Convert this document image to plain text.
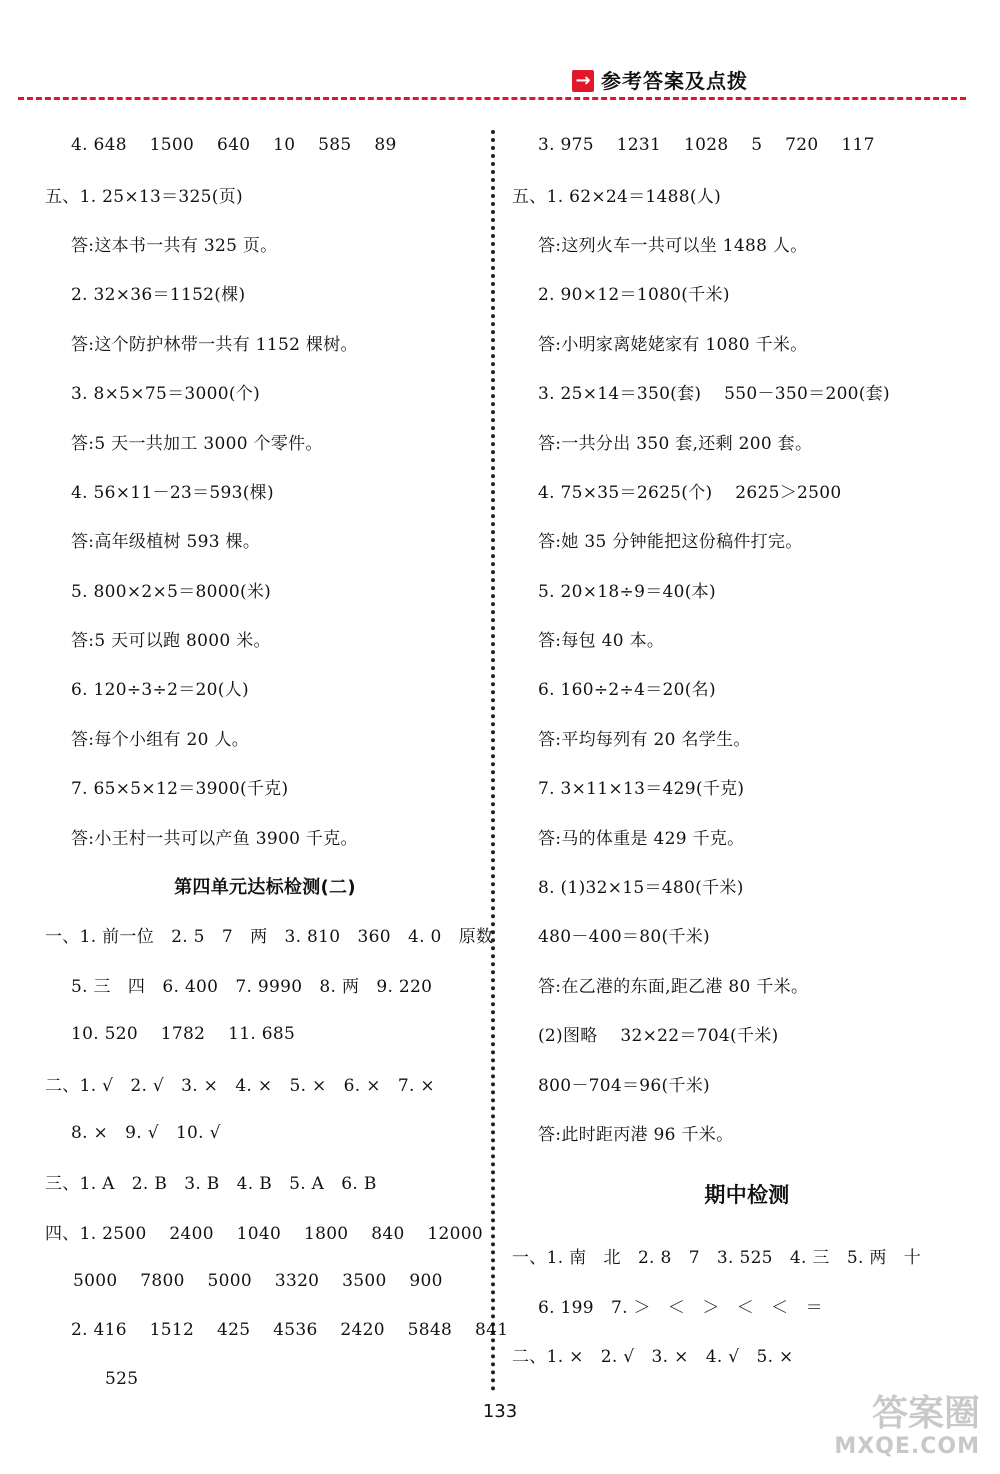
→ 参考答案及点拨
4. 648    1500    640    10    585    89
五、1. 25×13＝325(页)
答:这本书一共有 325 页。
2. 32×36＝1152(棵)
答:这个防护林带一共有 1152 棵树。
3. 8×5×75＝3000(个)
答:5 天一共加工 3000 个零件。
4. 56×11－23＝593(棵)
答:高年级植树 593 棵。
5. 800×2×5＝8000(米)
答:5 天可以跑 8000 米。
6. 120÷3÷2＝20(人)
答:每个小组有 20 人。
7. 65×5×12＝3900(千克)
答:小王村一共可以产鱼 3900 千克。
第四单元达标检测(二)
一、1. 前一位   2. 5   7   两   3. 810   360   4. 0   原数
5. 三   四   6. 400   7. 9990   8. 两   9. 220
10. 520    1782    11. 685
二、1. √   2. √   3. ×   4. ×   5. ×   6. ×   7. ×
8. ×   9. √   10. √
三、1. A   2. B   3. B   4. B   5. A   6. B
四、1. 2500    2400    1040    1800    840    12000
5000    7800    5000    3320    3500    900
2. 416    1512    425    4536    2420    5848    841
525
3. 975    1231    1028    5    720    117
五、1. 62×24＝1488(人)
答:这列火车一共可以坐 1488 人。
2. 90×12＝1080(千米)
答:小明家离姥姥家有 1080 千米。
3. 25×14＝350(套)    550－350＝200(套)
答:一共分出 350 套,还剩 200 套。
4. 75×35＝2625(个)    2625＞2500
答:她 35 分钟能把这份稿件打完。
5. 20×18÷9＝40(本)
答:每包 40 本。
6. 160÷2÷4＝20(名)
答:平均每列有 20 名学生。
7. 3×11×13＝429(千克)
答:马的体重是 429 千克。
8. (1)32×15＝480(千米)
480－400＝80(千米)
答:在乙港的东面,距乙港 80 千米。
(2)图略    32×22＝704(千米)
800－704＝96(千米)
答:此时距丙港 96 千米。
期中检测
一、1. 南   北   2. 8   7   3. 525   4. 三   5. 两   十
6. 199   7. ＞   ＜   ＞   ＜   ＜   ＝
二、1. ×   2. √   3. ×   4. √   5. ×
133	答案圈
MXQE.COM
